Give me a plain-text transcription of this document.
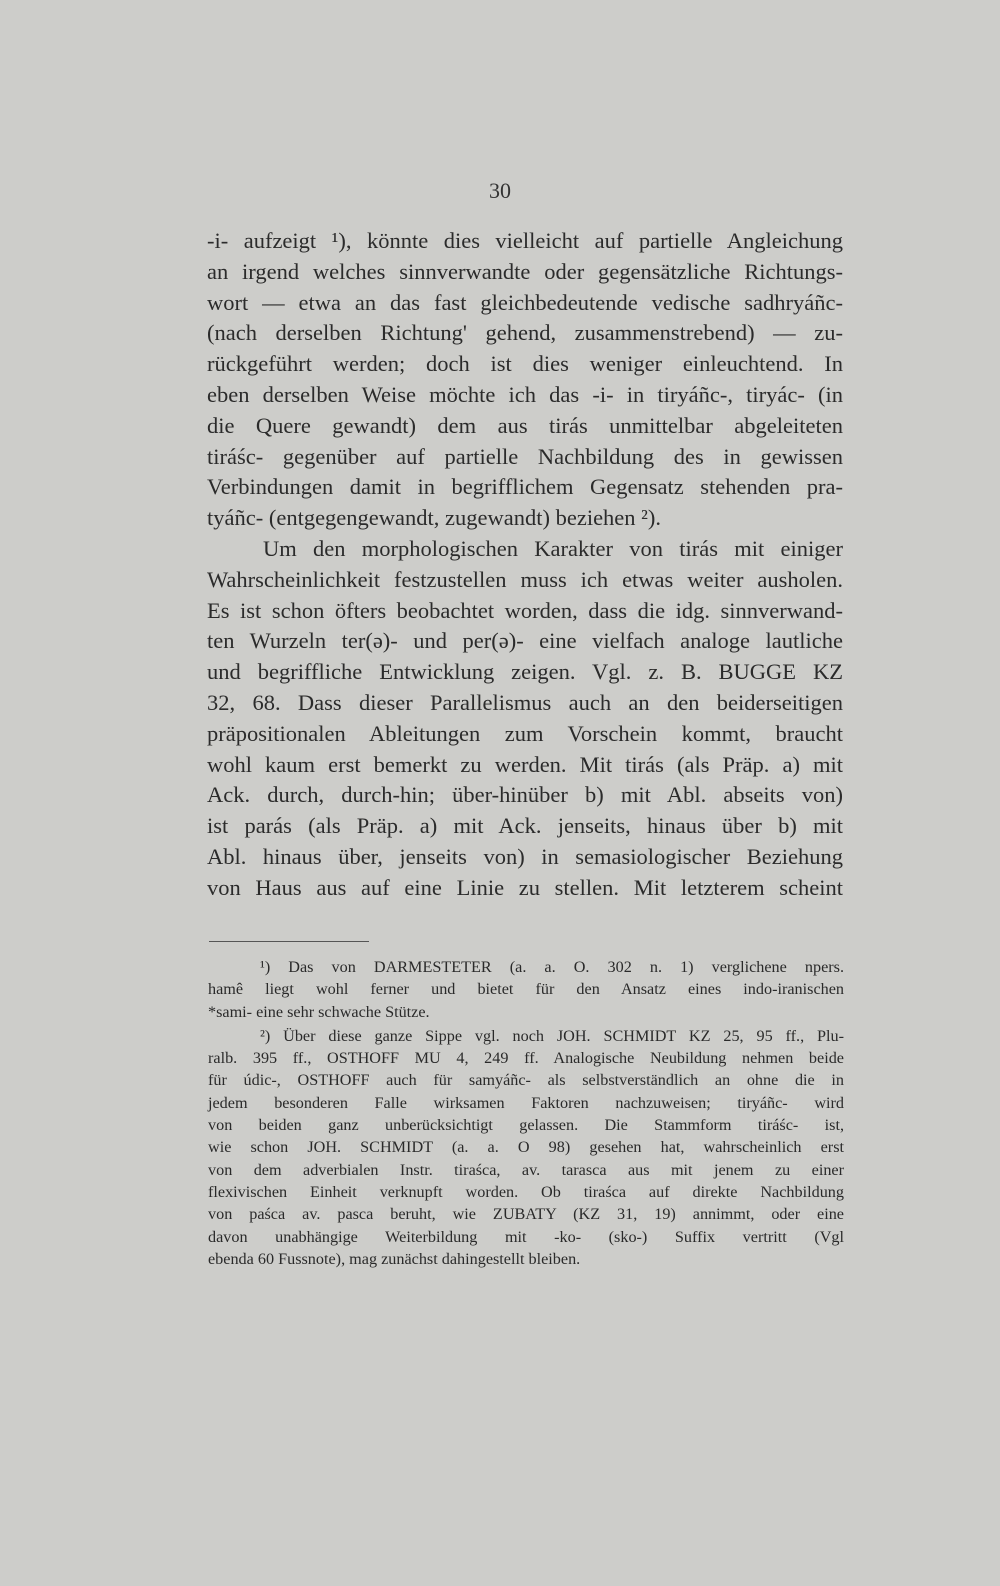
30
-i- aufzeigt ¹), könnte dies vielleicht auf partielle Angleichung
an irgend welches sinnverwandte oder gegensätzliche Richtungs-
wort — etwa an das fast gleichbedeutende vedische sadhryáñc-
(nach derselben Richtung' gehend, zusammenstrebend) — zu-
rückgeführt werden; doch ist dies weniger einleuchtend. In
eben derselben Weise möchte ich das -i- in tiryáñc-, tiryác- (in
die Quere gewandt) dem aus tirás unmittelbar abgeleiteten
tiráśc- gegenüber auf partielle Nachbildung des in gewissen
Verbindungen damit in begrifflichem Gegensatz stehenden pra-
tyáñc- (entgegengewandt, zugewandt) beziehen ²).
Um den morphologischen Karakter von tirás mit einiger
Wahrscheinlichkeit festzustellen muss ich etwas weiter ausholen.
Es ist schon öfters beobachtet worden, dass die idg. sinnverwand-
ten Wurzeln ter(ə)- und per(ə)- eine vielfach analoge lautliche
und begriffliche Entwicklung zeigen. Vgl. z. B. BUGGE KZ
32, 68. Dass dieser Parallelismus auch an den beiderseitigen
präpositionalen Ableitungen zum Vorschein kommt, braucht
wohl kaum erst bemerkt zu werden. Mit tirás (als Präp. a) mit
Ack. durch, durch-hin; über-hinüber b) mit Abl. abseits von)
ist parás (als Präp. a) mit Ack. jenseits, hinaus über b) mit
Abl. hinaus über, jenseits von) in semasiologischer Beziehung
von Haus aus auf eine Linie zu stellen. Mit letzterem scheint
¹) Das von DARMESTETER (a. a. O. 302 n. 1) verglichene npers.
hamê liegt wohl ferner und bietet für den Ansatz eines indo-iranischen
*sami- eine sehr schwache Stütze.
²) Über diese ganze Sippe vgl. noch JOH. SCHMIDT KZ 25, 95 ff., Plu-
ralb. 395 ff., OSTHOFF MU 4, 249 ff. Analogische Neubildung nehmen beide
für údic-, OSTHOFF auch für samyáñc- als selbstverständlich an ohne die in
jedem besonderen Falle wirksamen Faktoren nachzuweisen; tiryáñc- wird
von beiden ganz unberücksichtigt gelassen. Die Stammform tiráśc- ist,
wie schon JOH. SCHMIDT (a. a. O 98) gesehen hat, wahrscheinlich erst
von dem adverbialen Instr. tiraśca, av. tarasca aus mit jenem zu einer
flexivischen Einheit verknupft worden. Ob tiraśca auf direkte Nachbildung
von paśca av. pasca beruht, wie ZUBATY (KZ 31, 19) annimmt, oder eine
davon unabhängige Weiterbildung mit -ko- (sko-) Suffix vertritt (Vgl
ebenda 60 Fussnote), mag zunächst dahingestellt bleiben.
